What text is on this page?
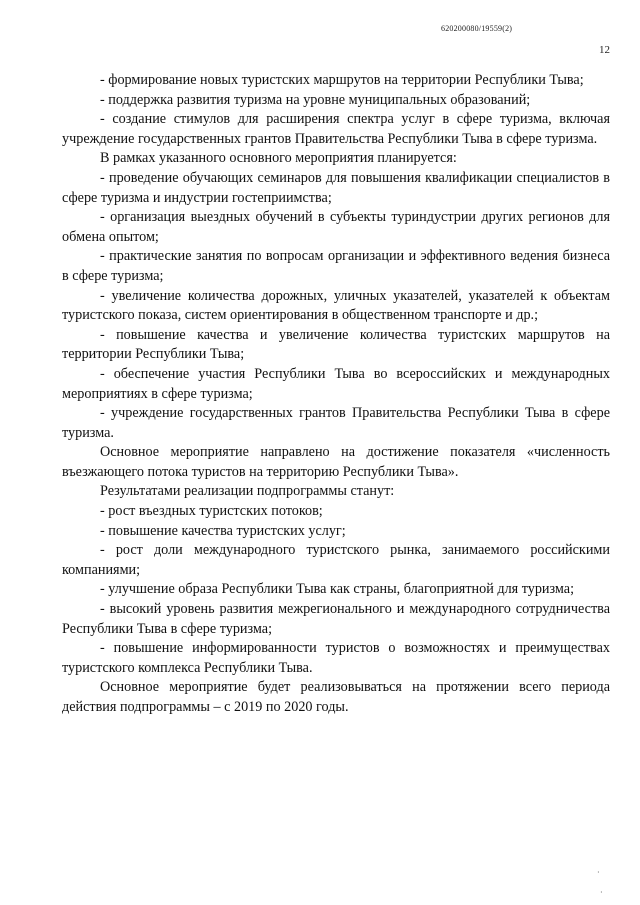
620200080/19559(2)
12

- формирование новых туристских маршрутов на территории Республики Тыва;

- поддержка развития туризма на уровне муниципальных образований;

- создание стимулов для расширения спектра услуг в сфере туризма, включая учреждение государственных грантов Правительства Республики Тыва в сфере туризма.

В рамках указанного основного мероприятия планируется:

- проведение обучающих семинаров для повышения квалификации специалистов в сфере туризма и индустрии гостеприимства;

- организация выездных обучений в субъекты туриндустрии других регионов для обмена опытом;

- практические занятия по вопросам организации и эффективного ведения бизнеса в сфере туризма;

- увеличение количества дорожных, уличных указателей, указателей к объектам туристского показа, систем ориентирования в общественном транспорте и др.;

- повышение качества и увеличение количества туристских маршрутов на территории Республики Тыва;

- обеспечение участия Республики Тыва во всероссийских и международных мероприятиях в сфере туризма;

- учреждение государственных грантов Правительства Республики Тыва в сфере туризма.

Основное мероприятие направлено на достижение показателя «численность въезжающего потока туристов на территорию Республики Тыва».

Результатами реализации подпрограммы станут:

- рост въездных туристских потоков;

- повышение качества туристских услуг;

- рост доли международного туристского рынка, занимаемого российскими компаниями;

- улучшение образа Республики Тыва как страны, благоприятной для туризма;

- высокий уровень развития межрегионального и международного сотрудничества Республики Тыва в сфере туризма;

- повышение информированности туристов о возможностях и преимуществах туристского комплекса Республики Тыва.

Основное мероприятие будет реализовываться на протяжении всего периода действия подпрограммы – с 2019 по 2020 годы.

·
·
